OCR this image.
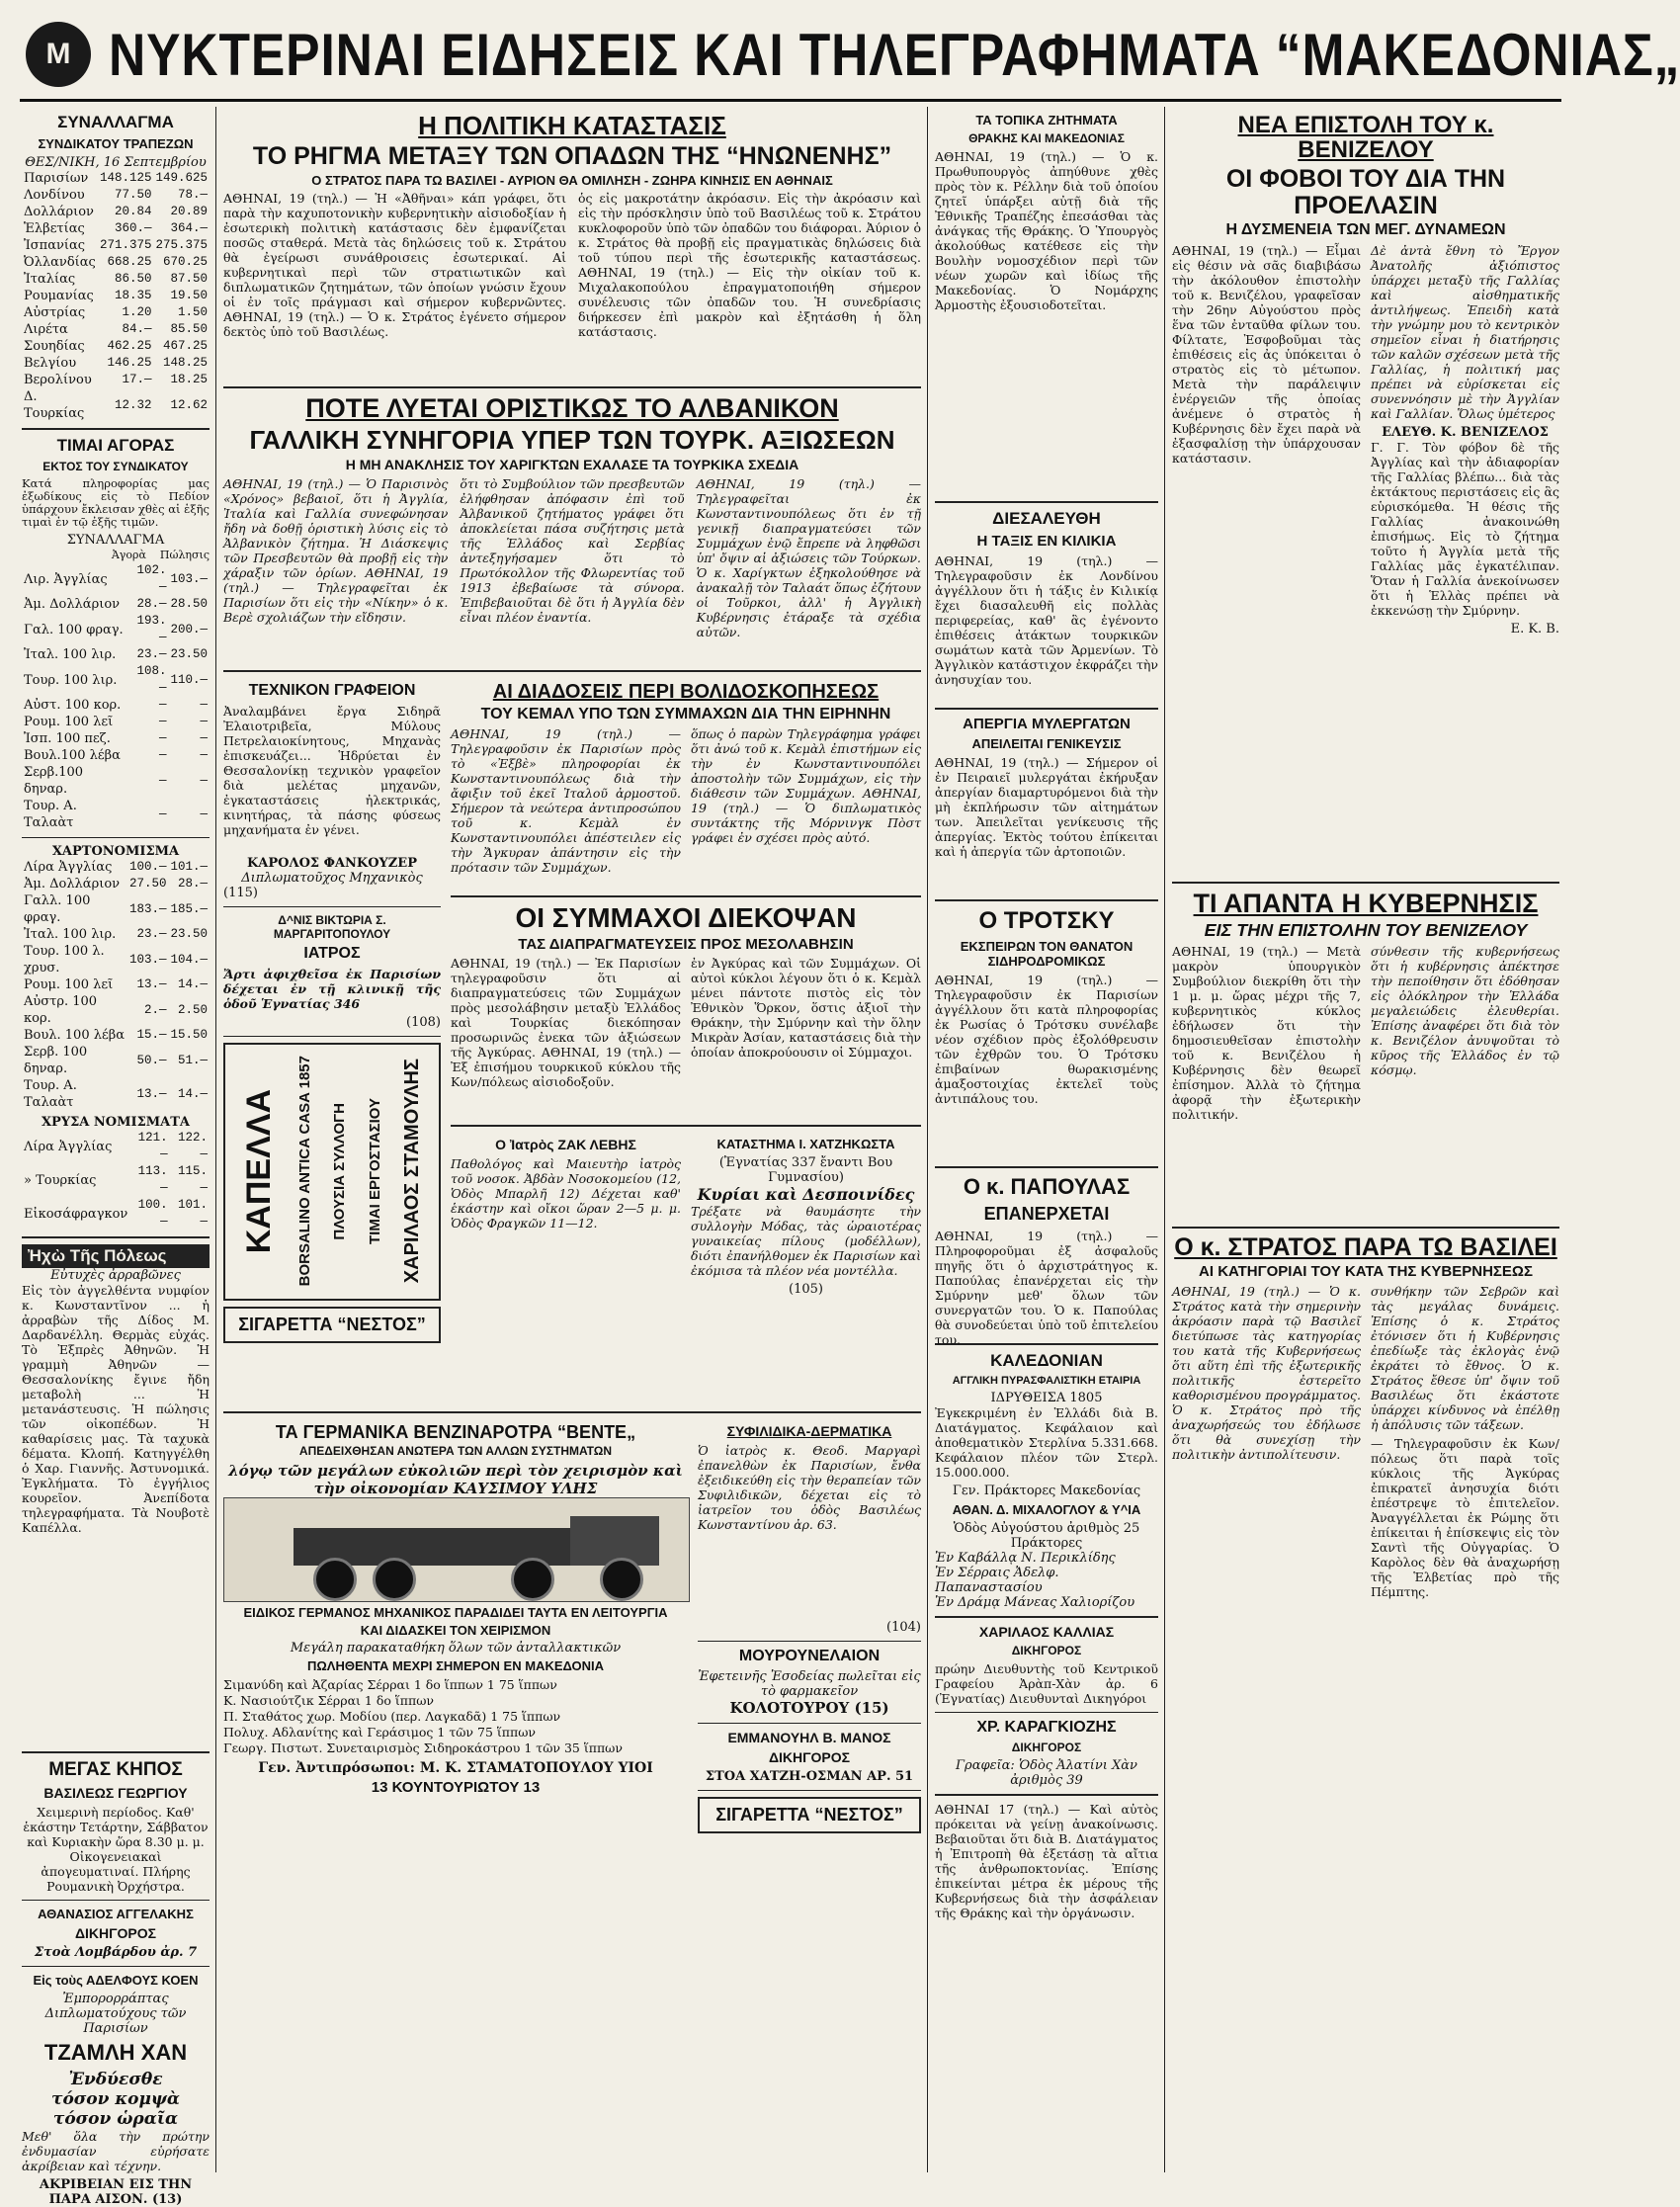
M ΝΥΚΤΕΡΙΝΑΙ ΕΙΔΗΣΕΙΣ ΚΑΙ ΤΗΛΕΓΡΑΦΗΜΑΤΑ “ΜΑΚΕΔΟΝΙΑΣ„
ΣΥΝΑΛΛΑΓΜΑ
ΣΥΝΔΙΚΑΤΟΥ ΤΡΑΠΕΖΩΝ
ΘΕΣ/ΝΙΚΗ, 16 Σεπτεμβρίου
Παρισίων	148.125	149.625
Λονδίνου	77.50	78.—
Δολλάριον	20.84	20.89
Ἑλβετίας	360.—	364.—
Ἰσπανίας	271.375	275.375
Ὀλλανδίας	668.25	670.25
Ἰταλίας	86.50	87.50
Ρουμανίας	18.35	19.50
Αὐστρίας	1.20	1.50
Λιρέτα	84.—	85.50
Σουηδίας	462.25	467.25
Βελγίου	146.25	148.25
Βερολίνου	17.—	18.25
Δ. Τουρκίας	12.32	12.62
ΤΙΜΑΙ ΑΓΟΡΑΣ
ΕΚΤΟΣ ΤΟΥ ΣΥΝΔΙΚΑΤΟΥ
Κατά πληροφορίας μας ἐξωδίκους εἰς τὸ Πεδίον ὑπάρχουν ἔκλεισαν χθὲς αἱ ἑξῆς τιμαὶ ἐν τῷ ἐξῆς τιμῶν.
ΣΥΝΑΛΛΑΓΜΑ
Ἀγορὰ Πώλησις
Λιρ. Ἀγγλίας	102.—	103.—
Ἀμ. Δολλάριον	28.—	28.50
Γαλ. 100 φραγ.	193.—	200.—
Ἰταλ. 100 λιρ.	23.—	23.50
Τουρ. 100 λιρ.	108.—	110.—
Αὐστ. 100 κορ.	—	—
Ρουμ. 100 λεῖ	—	—
Ἰσπ. 100 πεζ.	—	—
Βουλ.100 λέβα	—	—
Σερβ.100 δηναρ.	—	—
Τουρ. Α. Ταλαὰτ	—	—
ΧΑΡΤΟΝΟΜΙΣΜΑ
Λίρα Ἀγγλίας	100.—	101.—
Ἀμ. Δολλάριον	27.50	28.—
Γαλλ. 100 φραγ.	183.—	185.—
Ἰταλ. 100 λιρ.	23.—	23.50
Τουρ. 100 λ. χρυσ.	103.—	104.—
Ρουμ. 100 λεῖ	13.—	14.—
Αὐστρ. 100 κορ.	2.—	2.50
Βουλ. 100 λέβα	15.—	15.50
Σερβ. 100 δηναρ.	50.—	51.—
Τουρ. Α. Ταλαὰτ	13.—	14.—
ΧΡΥΣΑ ΝΟΜΙΣΜΑΤΑ
Λίρα Ἀγγλίας	121.—	122.—
» Τουρκίας	113.—	115.—
Εἰκοσάφραγκον	100.—	101.—
Ἠχὼ Τῆς Πόλεως
Εὐτυχὲς ἀρραβῶνες
Εἰς τὸν ἀγγελθέντα νυμφίον κ. Κωνσταντῖνον ... ἡ ἀρραβὼν τῆς Δίδος Μ. Δαρδανέλλη. Θερμὰς εὐχάς. Τὸ Ἐξπρὲς Ἀθηνῶν. Ἡ γραμμὴ Ἀθηνῶν — Θεσσαλονίκης ἔγινε ἤδη μεταβολὴ ... Ἡ μετανάστευσις. Ἡ πώλησις τῶν οἰκοπέδων. Ἡ καθαρίσεις μας. Τὰ ταχυκὰ δέματα. Κλοπή. Κατηγγέλθη ὁ Χαρ. Γιαννῆς. Ἀστυνομικά. Ἐγκλήματα. Τὸ ἐγγήλιος κουρεῖον. Ἀνεπίδοτα τηλεγραφήματα. Τὰ Νουβοτὲ Καπέλλα.
ΜΕΓΑΣ ΚΗΠΟΣ
ΒΑΣΙΛΕΩΣ ΓΕΩΡΓΙΟΥ
Χειμερινὴ περίοδος. Καθ' ἑκάστην Τετάρτην, Σάββατον καὶ Κυριακὴν ὥρα 8.30 μ. μ. Οἰκογενειακαὶ ἀπογευματιναί. Πλήρης Ρουμανικὴ Ὀρχήστρα.
ΑΘΑΝΑΣΙΟΣ ΑΓΓΕΛΑΚΗΣ
ΔΙΚΗΓΟΡΟΣ
Στοὰ Λομβάρδου ἀρ. 7
Εἰς τοὺς ΑΔΕΛΦΟΥΣ ΚΟΕΝ
Ἐμπορορράπτας Διπλωματούχους τῶν Παρισίων
ΤΖΑΜΛΗ ΧΑΝ
Ἐνδύεσθε
τόσον κομψὰ
τόσον ὡραῖα
Μεθ' ὅλα τὴν πρώτην ἐνδυμασίαν εὑρήσατε ἀκρίβειαν καὶ τέχνην.
ΑΚΡΙΒΕΙΑΝ ΕΙΣ ΤΗΝ ΠΑΡΑ ΑΙΣΟΝ. (13)
Η ΠΟΛΙΤΙΚΗ ΚΑΤΑΣΤΑΣΙΣ
ΤΟ ΡΗΓΜΑ ΜΕΤΑΞΥ ΤΩΝ ΟΠΑΔΩΝ ΤΗΣ “ΗΝΩΝΕΝΗΣ”
Ο ΣΤΡΑΤΟΣ ΠΑΡΑ ΤΩ ΒΑΣΙΛΕΙ - ΑΥΡΙΟΝ ΘΑ ΟΜΙΛΗΣΗ - ΖΩΗΡΑ ΚΙΝΗΣΙΣ ΕΝ ΑΘΗΝΑΙΣ
ΑΘΗΝΑΙ, 19 (τηλ.) — Ἡ «Ἀθῆναι» κάπ γράφει, ὅτι παρὰ τὴν καχυποτονικὴν κυβερνητικὴν αἰσιοδοξίαν ἡ ἐσωτερικὴ πολιτικὴ κατάστασις δὲν ἐμφανίζεται ποσῶς σταθερά. Μετὰ τὰς δηλώσεις τοῦ κ. Στράτου θὰ ἐγείρωσι συνάθροισεις ἐσωτερικαί. Αἱ κυβερνητικαὶ περὶ τῶν στρατιωτικῶν καὶ διπλωματικῶν ζητημάτων, τῶν ὁποίων γνώσιν ἔχουν οἱ ἐν τοῖς πράγμασι καὶ σήμερον κυβερνῶντες. ΑΘΗΝΑΙ, 19 (τηλ.) — Ὁ κ. Στράτος ἐγένετο σήμερον δεκτὸς ὑπὸ τοῦ Βασιλέως.
ὁς εἰς μακροτάτην ἀκρόασιν. Εἰς τὴν ἀκρόασιν καὶ εἰς τὴν πρόσκλησιν ὑπὸ τοῦ Βασιλέως τοῦ κ. Στράτου κυκλοφοροῦν ὑπὸ τῶν ὀπαδῶν του διάφοραι. Ἀύριον ὁ κ. Στράτος θὰ προβῇ εἰς πραγματικὰς δηλώσεις διὰ τοῦ τύπου περὶ τῆς ἐσωτερικῆς καταστάσεως. ΑΘΗΝΑΙ, 19 (τηλ.) — Εἰς τὴν οἰκίαν τοῦ κ. Μιχαλακοπούλου ἐπραγματοποιήθη σήμερον συνέλευσις τῶν ὀπαδῶν του. Ἡ συνεδρίασις διήρκεσεν ἐπὶ μακρὸν καὶ ἐξητάσθη ἡ ὅλη κατάστασις.
ΠΟΤΕ ΛΥΕΤΑΙ ΟΡΙΣΤΙΚΩΣ ΤΟ ΑΛΒΑΝΙΚΟΝ
ΓΑΛΛΙΚΗ ΣΥΝΗΓΟΡΙΑ ΥΠΕΡ ΤΩΝ ΤΟΥΡΚ. ΑΞΙΩΣΕΩΝ
Η ΜΗ ΑΝΑΚΛΗΣΙΣ ΤΟΥ ΧΑΡΙΓΚΤΩΝ ΕΧΑΛΑΣΕ ΤΑ ΤΟΥΡΚΙΚΑ ΣΧΕΔΙΑ
ΑΘΗΝΑΙ, 19 (τηλ.) — Ὁ Παρισινὸς «Χρόνος» βεβαιοῖ, ὅτι ἡ Ἀγγλία, Ἰταλία καὶ Γαλλία συνεφώνησαν ἤδη νὰ δοθῇ ὁριστικὴ λύσις εἰς τὸ Ἀλβανικὸν ζήτημα. Ἡ Διάσκεψις τῶν Πρεσβευτῶν θὰ προβῇ εἰς τὴν χάραξιν τῶν ὁρίων. ΑΘΗΝΑΙ, 19 (τηλ.) — Τηλεγραφεῖται ἐκ Παρισίων ὅτι εἰς τὴν «Νίκην» ὁ κ. Βερὲ σχολιάζων τὴν εἴδησιν.
ὅτι τὸ Συμβούλιον τῶν πρεσβευτῶν ἐλήφθησαν ἀπόφασιν ἐπὶ τοῦ Ἀλβανικοῦ ζητήματος γράφει ὅτι ἀποκλείεται πάσα συζήτησις μετὰ τῆς Ἑλλάδος καὶ Σερβίας ἀντεξηγήσαμεν ὅτι τὸ Πρωτόκολλον τῆς Φλωρεντίας τοῦ 1913 ἐβεβαίωσε τὰ σύνορα. Ἐπιβεβαιοῦται δὲ ὅτι ἡ Ἀγγλία δὲν εἶναι πλέον ἐναντία.
ΑΘΗΝΑΙ, 19 (τηλ.) — Τηλεγραφεῖται ἐκ Κωνσταντινουπόλεως ὅτι ἐν τῇ γενικῇ διαπραγματεύσει τῶν Συμμάχων ἐνῷ ἔπρεπε νὰ ληφθῶσι ὑπ' ὄψιν αἱ ἀξιώσεις τῶν Τούρκων. Ὁ κ. Χαρίγκτων ἐξηκολούθησε νὰ ἀνακαλῇ τὸν Ταλαάτ ὅπως ἐζήτουν οἱ Τοῦρκοι, ἀλλ' ἡ Ἀγγλικὴ Κυβέρνησις ἐτάραξε τὰ σχέδια αὐτῶν.
ΤΕΧΝΙΚΟΝ ΓΡΑΦΕΙΟΝ
Ἀναλαμβάνει ἔργα Σιδηρᾶ Ἐλαιοτριβεῖα, Μύλους Πετρελαιοκίνητους, Μηχανὰς ἐπισκευάζει... Ἡδρύεται ἐν Θεσσαλονίκῃ τεχνικὸν γραφεῖον διὰ μελέτας μηχανῶν, ἐγκαταστάσεις ἠλεκτρικάς, κινητήρας, τὰ πάσης φύσεως μηχανήματα ἐν γένει.
ΚΑΡΟΛΟΣ ΦΑΝΚΟΥΖΕΡ
Διπλωματοῦχος Μηχανικὸς
(115)
Δ^ΝΙΣ ΒΙΚΤΩΡΙΑ Σ. ΜΑΡΓΑΡΙΤΟΠΟΥΛΟΥ
ΙΑΤΡΟΣ
Ἄρτι ἀφιχθεῖσα ἐκ Παρισίων δέχεται ἐν τῇ κλινικῇ τῆς ὁδοῦ Ἑγνατίας 346
(108)
ΚΑΠΕΛΛΑ BORSALINO ANTICA CASA 1857 ΠΛΟΥΣΙΑ ΣΥΛΛΟΓΗ ΤΙΜΑΙ ΕΡΓΟΣΤΑΣΙΟΥ ΧΑΡΙΛΑΟΣ ΣΤΑΜΟΥΛΗΣ
ΣΙΓΑΡΕΤΤΑ “ΝΕΣΤΟΣ”
ΑΙ ΔΙΑΔΟΣΕΙΣ ΠΕΡΙ ΒΟΛΙΔΟΣΚΟΠΗΣΕΩΣ
ΤΟΥ ΚΕΜΑΛ ΥΠΟ ΤΩΝ ΣΥΜΜΑΧΩΝ ΔΙΑ ΤΗΝ ΕΙΡΗΝΗΝ
ΑΘΗΝΑΙ, 19 (τηλ.) — Τηλεγραφοῦσιν ἐκ Παρισίων πρὸς τὸ «Ἐξβὲ» πληροφορίαι ἐκ Κωνσταντινουπόλεως διὰ τὴν ἄφιξιν τοῦ ἐκεῖ Ἰταλοῦ ἀρμοστοῦ. Σήμερον τὰ νεώτερα ἀντιπροσώπου τοῦ κ. Κεμὰλ ἐν Κωνσταντινουπόλει ἀπέστειλεν εἰς τὴν Ἄγκυραν ἀπάντησιν εἰς τὴν πρότασιν τῶν Συμμάχων.
ὅπως ὁ παρὼν Τηλεγράφημα γράφει ὅτι ἀνώ τοῦ κ. Κεμὰλ ἐπιστήμων εἰς τὴν ἐν Κωνσταντινουπόλει ἀποστολὴν τῶν Συμμάχων, εἰς τὴν διάθεσιν τῶν Συμμάχων. ΑΘΗΝΑΙ, 19 (τηλ.) — Ὁ διπλωματικὸς συντάκτης τῆς Μόρνινγκ Πὸστ γράφει ἐν σχέσει πρὸς αὐτό.
ΟΙ ΣΥΜΜΑΧΟΙ ΔΙΕΚΟΨΑΝ
ΤΑΣ ΔΙΑΠΡΑΓΜΑΤΕΥΣΕΙΣ ΠΡΟΣ ΜΕΣΟΛΑΒΗΣΙΝ
ΑΘΗΝΑΙ, 19 (τηλ.) — Ἐκ Παρισίων τηλεγραφοῦσιν ὅτι αἱ διαπραγματεύσεις τῶν Συμμάχων πρὸς μεσολάβησιν μεταξὺ Ἑλλάδος καὶ Τουρκίας διεκόπησαν προσωρινῶς ἐνεκα τῶν ἀξιώσεων τῆς Ἀγκύρας. ΑΘΗΝΑΙ, 19 (τηλ.) — Ἐξ ἐπισήμου τουρκικοῦ κύκλου τῆς Κων/πόλεως αἰσιοδοξοῦν.
ἐν Ἀγκύρας καὶ τῶν Συμμάχων. Οἱ αὐτοὶ κύκλοι λέγουν ὅτι ὁ κ. Κεμὰλ μένει πάντοτε πιστὸς εἰς τὸν Ἐθνικὸν Ὅρκον, ὅστις ἀξιοῖ τὴν Θράκην, τὴν Σμύρνην καὶ τὴν ὅλην Μικρὰν Ἀσίαν, καταστάσεις διὰ τὴν ὁποίαν ἀποκρούουσιν οἱ Σύμμαχοι.
Ο Ἰατρὸς ΖΑΚ ΛΕΒΗΣ
Παθολόγος καὶ Μαιευτὴρ ἰατρὸς τοῦ νοσοκ. Ἀβδὰν Νοσοκομείου (12, Ὁδὸς Μπαρλῆ 12) Δέχεται καθ' ἑκάστην καὶ οἴκοι ὥραν 2—5 μ. μ. Ὁδὸς Φραγκῶν 11—12.
ΚΑΤΑΣΤΗΜΑ Ι. ΧΑΤΖΗΚΩΣΤΑ
(Ἐγνατίας 337 ἔναντι Βου Γυμνασίου)
Κυρίαι καὶ Δεσποινίδες
Τρέξατε νὰ θαυμάσητε τὴν συλλογὴν Μόδας, τὰς ὡραιοτέρας γυναικείας πίλους (μοδέλλων), διότι ἐπανήλθομεν ἐκ Παρισίων καὶ ἐκόμισα τὰ πλέον νέα μοντέλλα.
(105)
ΤΑ ΓΕΡΜΑΝΙΚΑ ΒΕΝΖΙΝΑΡΟΤΡΑ “ΒΕΝΤΕ„
ΑΠΕΔΕΙΧΘΗΣΑΝ ΑΝΩΤΕΡΑ ΤΩΝ ΑΛΛΩΝ ΣΥΣΤΗΜΑΤΩΝ
λόγῳ τῶν μεγάλων εὐκολιῶν περὶ τὸν χειρισμὸν καὶ τὴν οἰκονομίαν ΚΑΥΣΙΜΟΥ ΥΛΗΣ
ΕΙΔΙΚΟΣ ΓΕΡΜΑΝΟΣ ΜΗΧΑΝΙΚΟΣ ΠΑΡΑΔΙΔΕΙ ΤΑΥΤΑ ΕΝ ΛΕΙΤΟΥΡΓΙΑ
ΚΑΙ ΔΙΔΑΣΚΕΙ ΤΟΝ ΧΕΙΡΙΣΜΟΝ
Μεγάλη παρακαταθήκη ὅλων τῶν ἀνταλλακτικῶν
ΠΩΛΗΘΕΝΤΑ ΜΕΧΡΙ ΣΗΜΕΡΟΝ ΕΝ ΜΑΚΕΔΟΝΙΑ
Σιμανύδη καὶ Ἀζαρίας Σέρραι 1 δο ἵππων 1 75 ἵππων
Κ. Νασιούτζικ Σέρραι 1 δο ἵππων
Π. Σταθάτος χωρ. Μοδίου (περ. Λαγκαδᾶ) 1 75 ἵππων
Πολυχ. Αδλανίτης καὶ Γεράσιμος 1 τῶν 75 ἵππων
Γεωργ. Πιστωτ. Συνεταιρισμὸς Σιδηροκάστρου 1 τῶν 35 ἵππων
Γεν. Ἀντιπρόσωποι: Μ. Κ. ΣΤΑΜΑΤΟΠΟΥΛΟΥ ΥΙΟΙ
13 ΚΟΥΝΤΟΥΡΙΩΤΟΥ 13
ΣΥΦΙΛΙΔΙΚΑ-ΔΕΡΜΑΤΙΚΑ
Ὁ ἰατρὸς κ. Θεοδ. Μαργαρὶ ἐπανελθὼν ἐκ Παρισίων, ἔνθα ἐξειδικεύθη εἰς τὴν θεραπείαν τῶν Συφιλιδικῶν, δέχεται εἰς τὸ ἰατρεῖον του ὁδὸς Βασιλέως Κωνσταντίνου ἀρ. 63.
(104)
ΜΟΥΡΟΥΝΕΛΑΙΟΝ
Ἐφετεινῆς Ἐσοδείας πωλεῖται εἰς τὸ φαρμακεῖον
ΚΟΛΟΤΟΥΡΟΥ (15)
ΕΜΜΑΝΟΥΗΛ Β. ΜΑΝΟΣ
ΔΙΚΗΓΟΡΟΣ
ΣΤΟΑ ΧΑΤΖΗ-ΟΣΜΑΝ ΑΡ. 51
ΣΙΓΑΡΕΤΤΑ “ΝΕΣΤΟΣ”
ΤΑ ΤΟΠΙΚΑ ΖΗΤΗΜΑΤΑ
ΘΡΑΚΗΣ ΚΑΙ ΜΑΚΕΔΟΝΙΑΣ
ΑΘΗΝΑΙ, 19 (τηλ.) — Ὁ κ. Πρωθυπουργὸς ἀπηύθυνε χθὲς πρὸς τὸν κ. Ρέλλην διὰ τοῦ ὁποίου ζητεῖ ὑπάρξει αὐτῇ διὰ τῆς Ἐθνικῆς Τραπέζης ἐπεσάσθαι τὰς ἀνάγκας τῆς Θράκης. Ὁ Ὑπουργὸς ἀκολούθως κατέθεσε εἰς τὴν Βουλὴν νομοσχέδιον περὶ τῶν νέων χωρῶν καὶ ἰδίως τῆς Μακεδονίας. Ὁ Νομάρχης Ἀρμοστὴς ἐξουσιοδοτεῖται.
ΔΙΕΣΑΛΕΥΘΗ
Η ΤΑΞΙΣ ΕΝ ΚΙΛΙΚΙΑ
ΑΘΗΝΑΙ, 19 (τηλ.) — Τηλεγραφοῦσιν ἐκ Λονδίνου ἀγγέλλουν ὅτι ἡ τάξις ἐν Κιλικίᾳ ἔχει διασαλευθῆ εἰς πολλὰς περιφερείας, καθ' ἃς ἐγένοντο ἐπιθέσεις ἀτάκτων τουρκικῶν σωμάτων κατὰ τῶν Ἀρμενίων. Τὸ Ἀγγλικὸν κατάστιχον ἐκφράζει τὴν ἀνησυχίαν του.
ΑΠΕΡΓΙΑ ΜΥΛΕΡΓΑΤΩΝ
ΑΠΕΙΛΕΙΤΑΙ ΓΕΝΙΚΕΥΣΙΣ
ΑΘΗΝΑΙ, 19 (τηλ.) — Σήμερον οἱ ἐν Πειραιεῖ μυλεργάται ἐκήρυξαν ἀπεργίαν διαμαρτυρόμενοι διὰ τὴν μὴ ἐκπλήρωσιν τῶν αἰτημάτων των. Ἀπειλεῖται γενίκευσις τῆς ἀπεργίας. Ἐκτὸς τούτου ἐπίκειται καὶ ἡ ἀπεργία τῶν ἀρτοποιῶν.
Ο ΤΡΟΤΣΚΥ
ΕΚΣΠΕΙΡΩΝ ΤΟΝ ΘΑΝΑΤΟΝ ΣΙΔΗΡΟΔΡΟΜΙΚΩΣ
ΑΘΗΝΑΙ, 19 (τηλ.) — Τηλεγραφοῦσιν ἐκ Παρισίων ἀγγέλλουν ὅτι κατὰ πληροφορίας ἐκ Ρωσίας ὁ Τρότσκυ συνέλαβε νέον σχέδιον πρὸς ἐξολόθρευσιν τῶν ἐχθρῶν του. Ὁ Τρότσκυ ἐπιβαίνων θωρακισμένης ἁμαξοστοιχίας ἐκτελεῖ τοὺς ἀντιπάλους του.
Ο κ. ΠΑΠΟΥΛΑΣ
ΕΠΑΝΕΡΧΕΤΑΙ
ΑΘΗΝΑΙ, 19 (τηλ.) — Πληροφοροῦμαι ἐξ ἀσφαλοῦς πηγῆς ὅτι ὁ ἀρχιστράτηγος κ. Παπούλας ἐπανέρχεται εἰς τὴν Σμύρνην μεθ' ὅλων τῶν συνεργατῶν του. Ὁ κ. Παπούλας θὰ συνοδεύεται ὑπὸ τοῦ ἐπιτελείου του.
ΚΑΛΕΔΟΝΙΑΝ
ΑΓΓΛΙΚΗ ΠΥΡΑΣΦΑΛΙΣΤΙΚΗ ΕΤΑΙΡΙΑ
ΙΔΡΥΘΕΙΣΑ 1805
Ἐγκεκριμένη ἐν Ἑλλάδι διὰ Β. Διατάγματος. Κεφάλαιον καὶ ἀποθεματικὸν Στερλίνα 5.331.668. Κεφάλαιον πλέον τῶν Στερλ. 15.000.000.
Γεν. Πράκτορες Μακεδονίας
ΑΘΑΝ. Δ. ΜΙΧΑΛΟΓΛΟΥ & Υ^ΙΑ
Ὁδὸς Αὐγούστου ἀριθμὸς 25
Πράκτορες
Ἐν Καβάλλᾳ Ν. Περικλίδης
Ἐν Σέρραις Ἀδελφ. Παπαναστασίου
Ἐν Δράμᾳ Μάνεας Χαλιορίζου
ΧΑΡΙΛΑΟΣ ΚΑΛΛΙΑΣ
ΔΙΚΗΓΟΡΟΣ
πρώην Διευθυντὴς τοῦ Κεντρικοῦ Γραφείου Ἀρὰπ-Χὰν ἀρ. 6 (Ἐγνατίας) Διευθυνταὶ Δικηγόροι
ΧΡ. ΚΑΡΑΓΚΙΟΖΗΣ
ΔΙΚΗΓΟΡΟΣ
Γραφεῖα: Ὁδὸς Ἀλατίνι Χὰν ἀριθμὸς 39
ΑΘΗΝΑΙ 17 (τηλ.) — Καὶ αὐτὸς πρόκειται νὰ γείνῃ ἀνακοίνωσις. Βεβαιοῦται ὅτι διὰ Β. Διατάγματος ἡ Ἐπιτροπὴ θὰ ἐξετάσῃ τὰ αἴτια τῆς ἀνθρωποκτονίας. Ἐπίσης ἐπικείνται μέτρα ἐκ μέρους τῆς Κυβερνήσεως διὰ τὴν ἀσφάλειαν τῆς Θράκης καὶ τὴν ὀργάνωσιν.
ΝΕΑ ΕΠΙΣΤΟΛΗ ΤΟΥ κ. ΒΕΝΙΖΕΛΟΥ
ΟΙ ΦΟΒΟΙ ΤΟΥ ΔΙΑ ΤΗΝ ΠΡΟΕΛΑΣΙΝ
Η ΔΥΣΜΕΝΕΙΑ ΤΩΝ ΜΕΓ. ΔΥΝΑΜΕΩΝ
ΑΘΗΝΑΙ, 19 (τηλ.) — Εἶμαι εἰς θέσιν νὰ σᾶς διαβιβάσω τὴν ἀκόλουθον ἐπιστολὴν τοῦ κ. Βενιζέλου, γραφεῖσαν τὴν 26ην Αὐγούστου πρὸς ἕνα τῶν ἐνταῦθα φίλων του. Φίλτατε, Ἐσφοβοῦμαι τὰς ἐπιθέσεις εἰς ἀς ὑπόκειται ὁ στρατὸς εἰς τὸ μέτωπον. Μετὰ τὴν παράλειψιν ἐνέργειῶν τῆς ὁποίας ἀνέμενε ὁ στρατὸς ἡ Κυβέρνησις δὲν ἔχει παρὰ νὰ ἐξασφαλίσῃ τὴν ὑπάρχουσαν κατάστασιν.
Δὲ ἀντὰ ἔθνη τὸ Ἔργον Ἀνατολῆς ἀξιόπιστος ὑπάρχει μεταξὺ τῆς Γαλλίας καὶ αἰσθηματικῆς ἀντιλήψεως. Ἐπειδὴ κατὰ τὴν γνώμην μου τὸ κεντρικὸν σημεῖον εἶναι ἡ διατήρησις τῶν καλῶν σχέσεων μετὰ τῆς Γαλλίας, ἡ πολιτική μας πρέπει νὰ εὑρίσκεται εἰς συνεννόησιν μὲ τὴν Ἀγγλίαν καὶ Γαλλίαν. Ὅλως ὑμέτερος
ΕΛΕΥΘ. Κ. ΒΕΝΙΖΕΛΟΣ
Γ. Γ. Τὸν φόβον δὲ τῆς Ἀγγλίας καὶ τὴν ἀδιαφορίαν τῆς Γαλλίας βλέπω... διὰ τὰς ἐκτάκτους περιστάσεις εἰς ἃς εὑρισκόμεθα. Ἡ θέσις τῆς Γαλλίας ἀνακοινώθη ἐπισήμως. Εἰς τὸ ζήτημα τοῦτο ἡ Ἀγγλία μετὰ τῆς Γαλλίας μᾶς ἐγκατέλιπαν. Ὅταν ἡ Γαλλία ἀνεκοίνωσεν ὅτι ἡ Ἑλλὰς πρέπει νὰ ἐκκενώσῃ τὴν Σμύρνην.
Ε. Κ. Β.
ΤΙ ΑΠΑΝΤΑ Η ΚΥΒΕΡΝΗΣΙΣ
ΕΙΣ ΤΗΝ ΕΠΙΣΤΟΛΗΝ ΤΟΥ ΒΕΝΙΖΕΛΟΥ
ΑΘΗΝΑΙ, 19 (τηλ.) — Μετὰ μακρὸν ὑπουργικὸν Συμβούλιον διεκρίθη ὅτι τὴν 1 μ. μ. ὥρας μέχρι τῆς 7, κυβερνητικὸς κύκλος ἐδήλωσεν ὅτι τὴν δημοσιευθεῖσαν ἐπιστολὴν τοῦ κ. Βενιζέλου ἡ Κυβέρνησις δὲν θεωρεῖ ἐπίσημον. Ἀλλὰ τὸ ζήτημα ἀφορᾷ τὴν ἐξωτερικὴν πολιτικήν.
σύνθεσιν τῆς κυβερνήσεως ὅτι ἡ κυβέρνησις ἀπέκτησε τὴν πεποίθησιν ὅτι ἐδόθησαν εἰς ὁλόκληρον τὴν Ἑλλάδα μεγαλειώδεις ἐλευθερίαι. Ἐπίσης ἀναφέρει ὅτι διὰ τὸν κ. Βενιζέλον ἀνυψοῦται τὸ κῦρος τῆς Ἑλλάδος ἐν τῷ κόσμῳ.
Ο κ. ΣΤΡΑΤΟΣ ΠΑΡΑ ΤΩ ΒΑΣΙΛΕΙ
ΑΙ ΚΑΤΗΓΟΡΙΑΙ ΤΟΥ ΚΑΤΑ ΤΗΣ ΚΥΒΕΡΝΗΣΕΩΣ
ΑΘΗΝΑΙ, 19 (τηλ.) — Ὁ κ. Στράτος κατὰ τὴν σημερινὴν ἀκρόασιν παρὰ τῷ Βασιλεῖ διετύπωσε τὰς κατηγορίας του κατὰ τῆς Κυβερνήσεως ὅτι αὕτη ἐπὶ τῆς ἐξωτερικῆς πολιτικῆς ἐστερεῖτο καθορισμένου προγράμματος. Ὁ κ. Στράτος πρὸ τῆς ἀναχωρήσεώς του ἐδήλωσε ὅτι θὰ συνεχίσῃ τὴν πολιτικὴν ἀντιπολίτευσιν.
συνθήκην τῶν Σεβρῶν καὶ τὰς μεγάλας δυνάμεις. Ἐπίσης ὁ κ. Στράτος ἐτόνισεν ὅτι ἡ Κυβέρνησις ἐπεδίωξε τὰς ἐκλογὰς ἐνῷ ἐκράτει τὸ ἔθνος. Ὁ κ. Στράτος ἔθεσε ὑπ' ὄψιν τοῦ Βασιλέως ὅτι ἐκάστοτε ὑπάρχει κίνδυνος νὰ ἐπέλθῃ ἡ ἀπόλυσις τῶν τάξεων.
— Τηλεγραφοῦσιν ἐκ Κων/πόλεως ὅτι παρὰ τοῖς κύκλοις τῆς Ἀγκύρας ἐπικρατεῖ ἀνησυχία διότι ἐπέστρεψε τὸ ἐπιτελεῖον. Ἀναγγέλλεται ἐκ Ρώμης ὅτι ἐπίκειται ἡ ἐπίσκεψις εἰς τὸν Σαντὶ τῆς Οὐγγαρίας. Ὁ Καρὸλος δὲν θὰ ἀναχωρήσῃ τῆς Ἑλβετίας πρὸ τῆς Πέμπτης.
